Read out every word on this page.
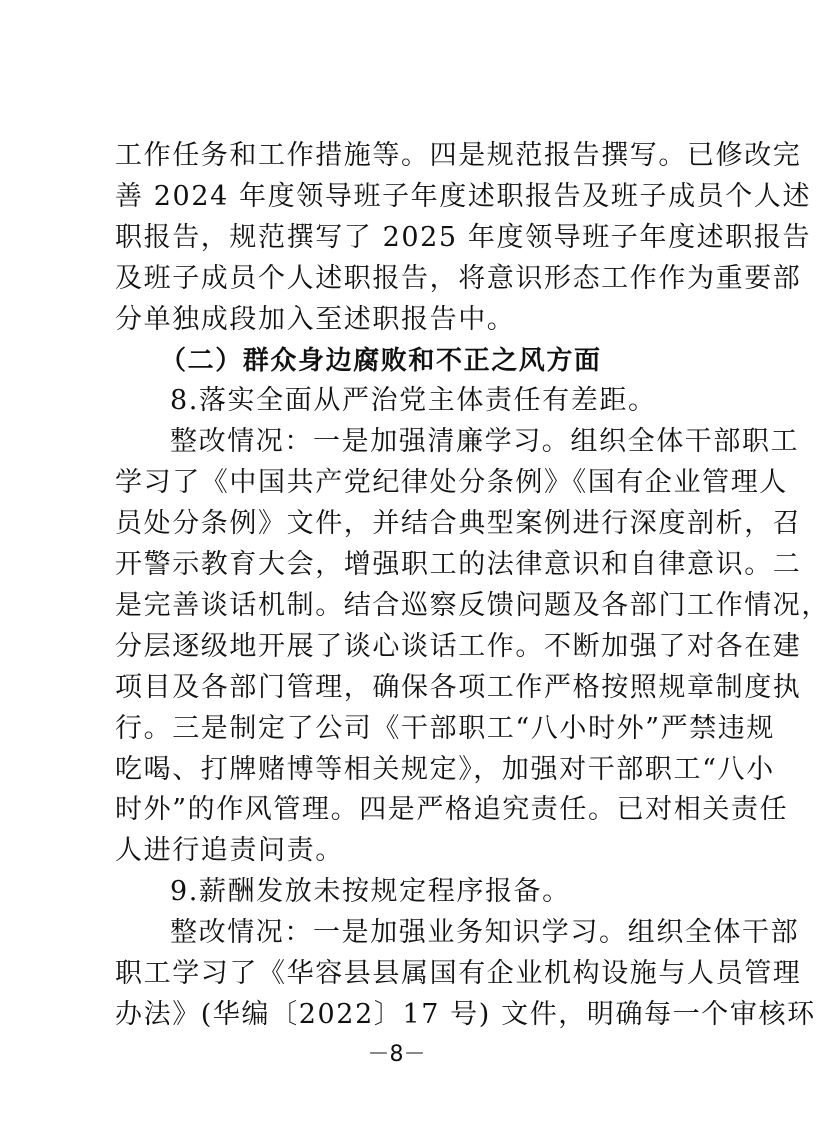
工作任务和工作措施等。四是规范报告撰写。已修改完
善 2024 年度领导班子年度述职报告及班子成员个人述
职报告，规范撰写了 2025 年度领导班子年度述职报告
及班子成员个人述职报告，将意识形态工作作为重要部
分单独成段加入至述职报告中。
（二）群众身边腐败和不正之风方面
8.落实全面从严治党主体责任有差距。
整改情况：一是加强清廉学习。组织全体干部职工
学习了《中国共产党纪律处分条例》《国有企业管理人
员处分条例》文件，并结合典型案例进行深度剖析，召
开警示教育大会，增强职工的法律意识和自律意识。二
是完善谈话机制。结合巡察反馈问题及各部门工作情况，
分层逐级地开展了谈心谈话工作。不断加强了对各在建
项目及各部门管理，确保各项工作严格按照规章制度执
行。三是制定了公司《干部职工“八小时外”严禁违规
吃喝、打牌赌博等相关规定》，加强对干部职工“八小
时外”的作风管理。四是严格追究责任。已对相关责任
人进行追责问责。
9.薪酬发放未按规定程序报备。
整改情况：一是加强业务知识学习。组织全体干部
职工学习了《华容县县属国有企业机构设施与人员管理
办法》(华编〔2022〕17 号) 文件，明确每一个审核环
－8－
